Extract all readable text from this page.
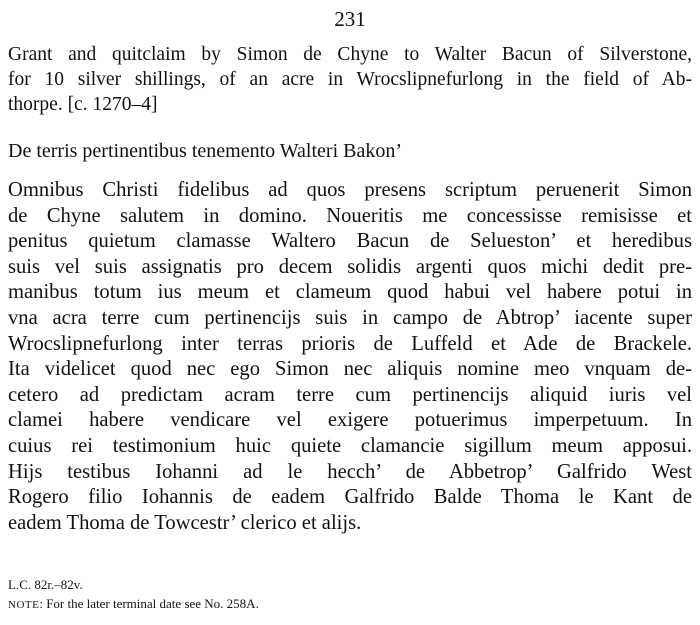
231
Grant and quitclaim by Simon de Chyne to Walter Bacun of Silverstone,
for 10 silver shillings, of an acre in Wrocslipnefurlong in the field of Ab-
thorpe. [c. 1270–4]
De terris pertinentibus tenemento Walteri Bakon’
Omnibus Christi fidelibus ad quos presens scriptum peruenerit Simon
de Chyne salutem in domino. Noueritis me concessisse remisisse et
penitus quietum clamasse Waltero Bacun de Selueston’ et heredibus
suis vel suis assignatis pro decem solidis argenti quos michi dedit pre-
manibus totum ius meum et clameum quod habui vel habere potui in
vna acra terre cum pertinencijs suis in campo de Abtrop’ iacente super
Wrocslipnefurlong inter terras prioris de Luffeld et Ade de Brackele.
Ita videlicet quod nec ego Simon nec aliquis nomine meo vnquam de-
cetero ad predictam acram terre cum pertinencijs aliquid iuris vel
clamei habere vendicare vel exigere potuerimus imperpetuum. In
cuius rei testimonium huic quiete clamancie sigillum meum apposui.
Hijs testibus Iohanni ad le hecch’ de Abbetrop’ Galfrido West
Rogero filio Iohannis de eadem Galfrido Balde Thoma le Kant de
eadem Thoma de Towcestr’ clerico et alijs.
L.C. 82r.–82v.
NOTE: For the later terminal date see No. 258A.
